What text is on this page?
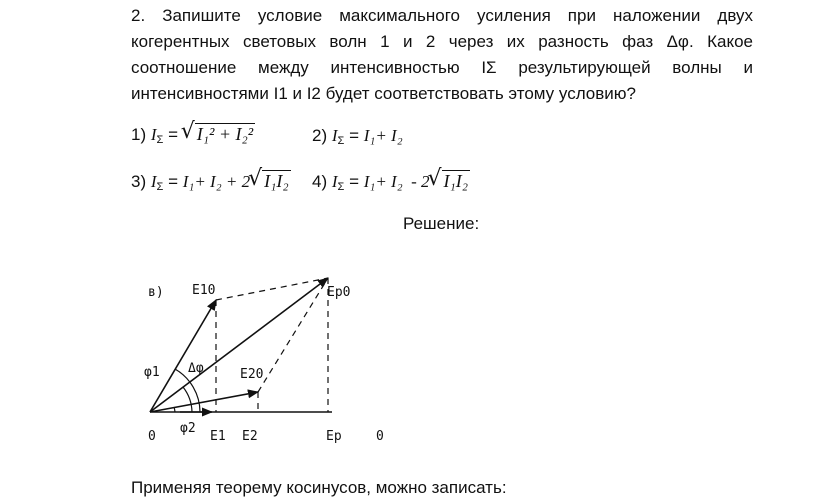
2. Запишите условие максимального усиления при наложении двух когерентных световых волн 1 и 2 через их разность фаз Δφ. Какое соотношение между интенсивностью IΣ результирующей волны и интенсивностями I1 и I2 будет соответствовать этому условию?

1) $I_\Sigma$ = √ I₁² + I₂²	2) $I_\Sigma = I_1+ I_2$
3) $I_\Sigma = I_1+ I_2 + 2√$ I₁I₂ 4) $I_\Sigma = I_1+ I_2 - 2√$ I₁I₂
Решение:
в) E10	Ep0
Δφ
φ1	E20
φ2
0	E1 E2	Ep	0
Применяя теорему косинусов, можно записать:
